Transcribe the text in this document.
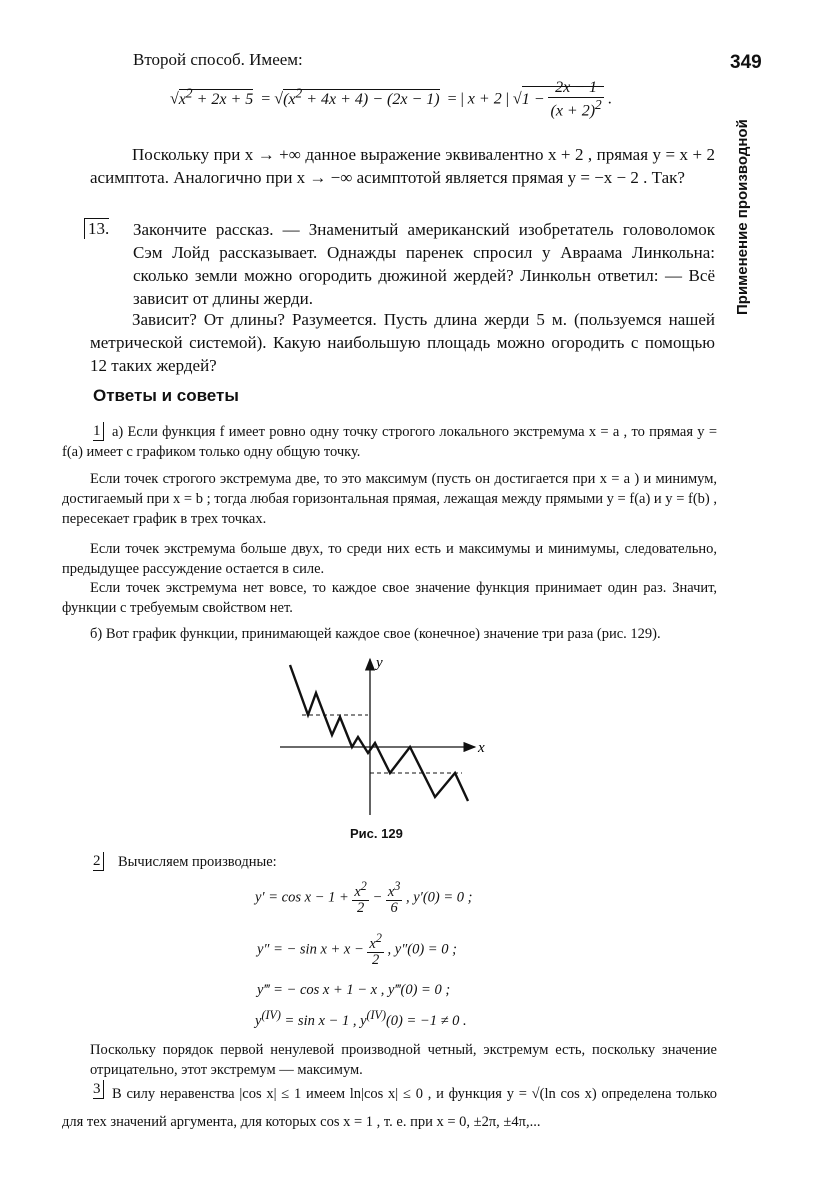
349
Применение производной
Второй способ. Имеем:
$√x^2 + 2x + 5 = √(x^2 + 4x + 4) - (2x - 1)$  = | x + 2 | $√1 - \frac{2x - 1}{(x + 2)^2}$ .
Поскольку при x → +∞ данное выражение эквивалентно x + 2 , прямая y = x + 2 асимптота. Аналогично при x → −∞ асимптотой является прямая y = −x − 2 . Так?
13. Закончите рассказ. — Знаменитый американский изобретатель головоломок Сэм Лойд рассказывает. Однажды паренек спросил у Авраама Линкольна: сколько земли можно огородить дюжиной жердей? Линкольн ответил: — Всё зависит от длины жерди.
Зависит? От длины? Разумеется. Пусть длина жерди 5 м. (пользуемся нашей метрической системой). Какую наибольшую площадь можно огородить с помощью 12 таких жердей?
Ответы и советы
1 а) Если функция f имеет ровно одну точку строгого локального экстремума x = a , то прямая y = f(a) имеет с графиком только одну общую точку.
Если точек строгого экстремума две, то это максимум (пусть он достигается при x = a ) и минимум, достигаемый при x = b ; тогда любая горизонтальная прямая, лежащая между прямыми y = f(a) и y = f(b) , пересекает график в трех точках.
Если точек экстремума больше двух, то среди них есть и максимумы и минимумы, следовательно, предыдущее рассуждение остается в силе.
Если точек экстремума нет вовсе, то каждое свое значение функция принимает один раз. Значит, функции с требуемым свойством нет.
б) Вот график функции, принимающей каждое свое (конечное) значение три раза (рис. 129).
y
x
Рис. 129
2 Вычисляем производные:
$y' = \cos x - 1 + \frac{x^2}{2} - \frac{x^3}{6}$ , y′(0) = 0 ;
y″ = − $\sin x + x - \frac{x^2}{2}$ , y″(0) = 0 ;
y‴ = − cos x + 1 − x , y‴(0) = 0 ;
$y^{(IV)} = \sin x - 1$ , $y^{(IV)}(0) = -1 \ne 0$ .
Поскольку порядок первой ненулевой производной четный, экстремум есть, поскольку значение отрицательно, этот экстремум — максимум.
3 В силу неравенства |cos x| ≤ 1 имеем ln|cos x| ≤ 0 , и функция y = √(ln cos x) определена только для тех значений аргумента, для которых cos x = 1 , т. е. при x = 0, ±2π, ±4π,...
